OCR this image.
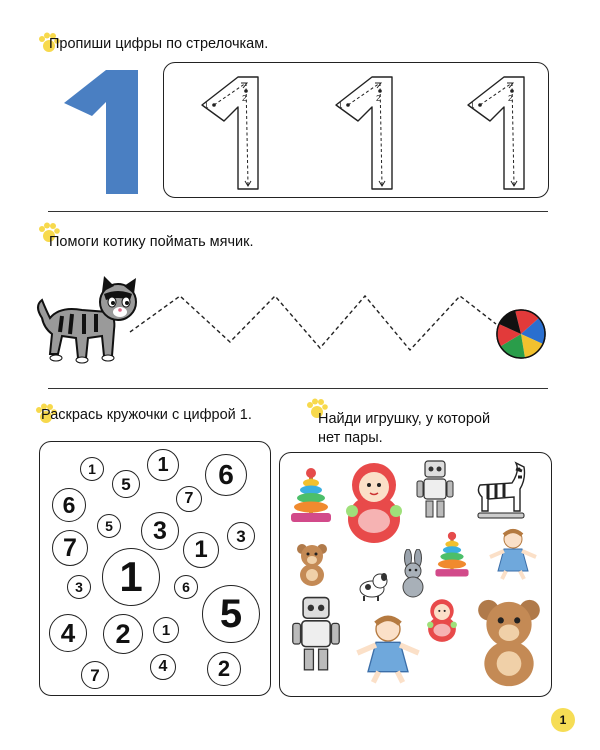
Пропиши цифры по стрелочкам.
1
2
1
2
1
2
Помоги котику поймать мячик.
Раскрась кружочки с цифрой 1.
1
5
1	6
6
7
5	3	3
7
1
1
3	6
5
4	2	1
7	4	2
Найди игрушку, у которой
нет пары.
1
